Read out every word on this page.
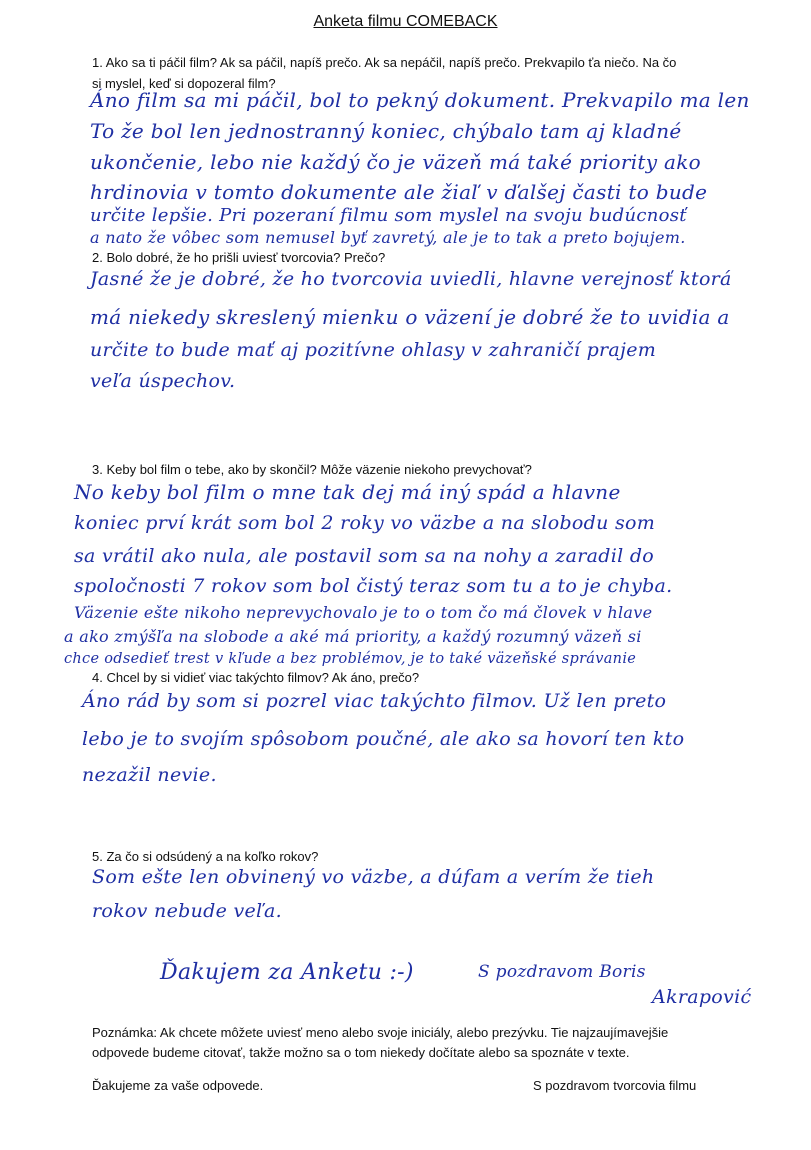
Anketa filmu COMEBACK
1. Ako sa ti páčil film? Ak sa páčil, napíš prečo. Ak sa nepáčil, napíš prečo. Prekvapilo ťa niečo. Na čo
si myslel, keď si dopozeral film?
Áno film sa mi páčil, bol to pekný dokument. Prekvapilo ma len
To že bol len jednostranný koniec, chýbalo tam aj kladné
ukončenie, lebo nie každý čo je väzeň má také priority ako
hrdinovia v tomto dokumente ale žiaľ v ďalšej časti to bude
určite lepšie. Pri pozeraní filmu som myslel na svoju budúcnosť
a nato že vôbec som nemusel byť zavretý, ale je to tak a preto bojujem.
2. Bolo dobré, že ho prišli uviesť tvorcovia? Prečo?
Jasné že je dobré, že ho tvorcovia uviedli, hlavne verejnosť ktorá
má niekedy skreslený mienku o väzení je dobré že to uvidia a
určite to bude mať aj pozitívne ohlasy v zahraničí prajem
veľa úspechov.
3. Keby bol film o tebe, ako by skončil? Môže väzenie niekoho prevychovať?
No keby bol film o mne tak dej má iný spád a hlavne
koniec prví krát som bol 2 roky vo väzbe a na slobodu som
sa vrátil ako nula, ale postavil som sa na nohy a zaradil do
spoločnosti 7 rokov som bol čistý teraz som tu a to je chyba.
Väzenie ešte nikoho neprevychovalo je to o tom čo má človek v hlave
a ako zmýšľa na slobode a aké má priority, a každý rozumný väzeň si
chce odsedieť trest v kľude a bez problémov, je to také väzeňské správanie
4. Chcel by si vidieť viac takýchto filmov? Ak áno, prečo?
Áno rád by som si pozrel viac takýchto filmov. Už len preto
lebo je to svojím spôsobom poučné, ale ako sa hovorí ten kto
nezažil nevie.
5. Za čo si odsúdený a na koľko rokov?
Som ešte len obvinený vo väzbe, a dúfam a verím že tieh
rokov nebude veľa.
Ďakujem za Anketu :-)	S pozdravom Boris
Akrapović
Poznámka: Ak chcete môžete uviesť meno alebo svoje iniciály, alebo prezývku. Tie najzaujímavejšie
odpovede budeme citovať, takže možno sa o tom niekedy dočítate alebo sa spoznáte v texte.
Ďakujeme za vaše odpovede.	S pozdravom tvorcovia filmu
